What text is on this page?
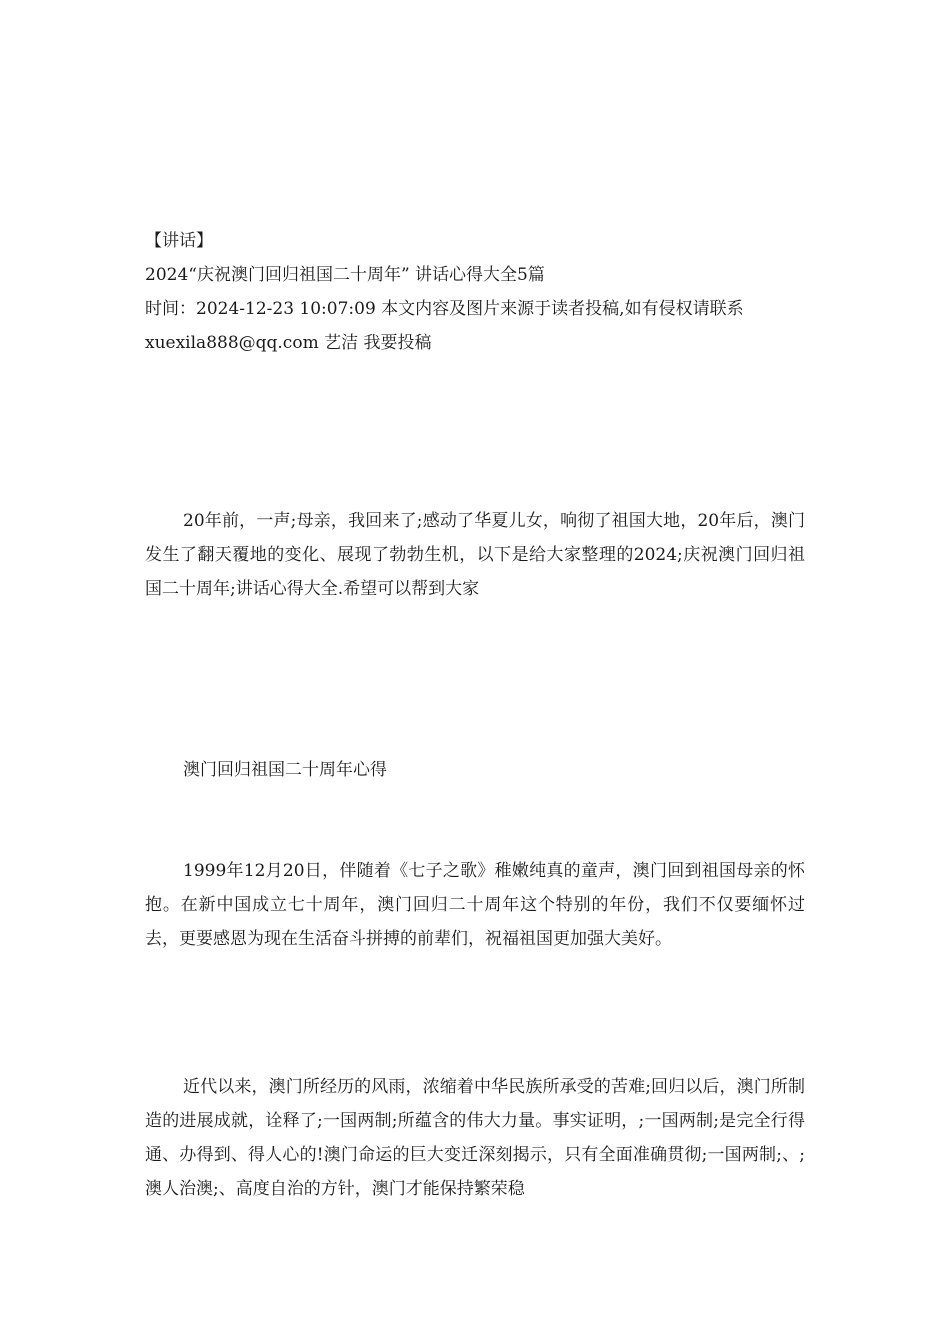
【讲话】
2024“庆祝澳门回归祖国二十周年” 讲话心得大全5篇
时间：2024-12-23 10:07:09 本文内容及图片来源于读者投稿,如有侵权请联系
xuexila888@qq.com 艺洁 我要投稿

20年前，一声;母亲，我回来了;感动了华夏儿女，响彻了祖国大地，20年后，澳门发生了翻天覆地的变化、展现了勃勃生机，以下是给大家整理的2024;庆祝澳门回归祖国二十周年;讲话心得大全.希望可以帮到大家

澳门回归祖国二十周年心得

1999年12月20日，伴随着《七子之歌》稚嫩纯真的童声，澳门回到祖国母亲的怀抱。在新中国成立七十周年，澳门回归二十周年这个特别的年份，我们不仅要缅怀过去，更要感恩为现在生活奋斗拼搏的前辈们，祝福祖国更加强大美好。

近代以来，澳门所经历的风雨，浓缩着中华民族所承受的苦难;回归以后，澳门所制造的进展成就，诠释了;一国两制;所蕴含的伟大力量。事实证明，;一国两制;是完全行得通、办得到、得人心的!澳门命运的巨大变迁深刻揭示，只有全面准确贯彻;一国两制;、;澳人治澳;、高度自治的方针，澳门才能保持繁荣稳
